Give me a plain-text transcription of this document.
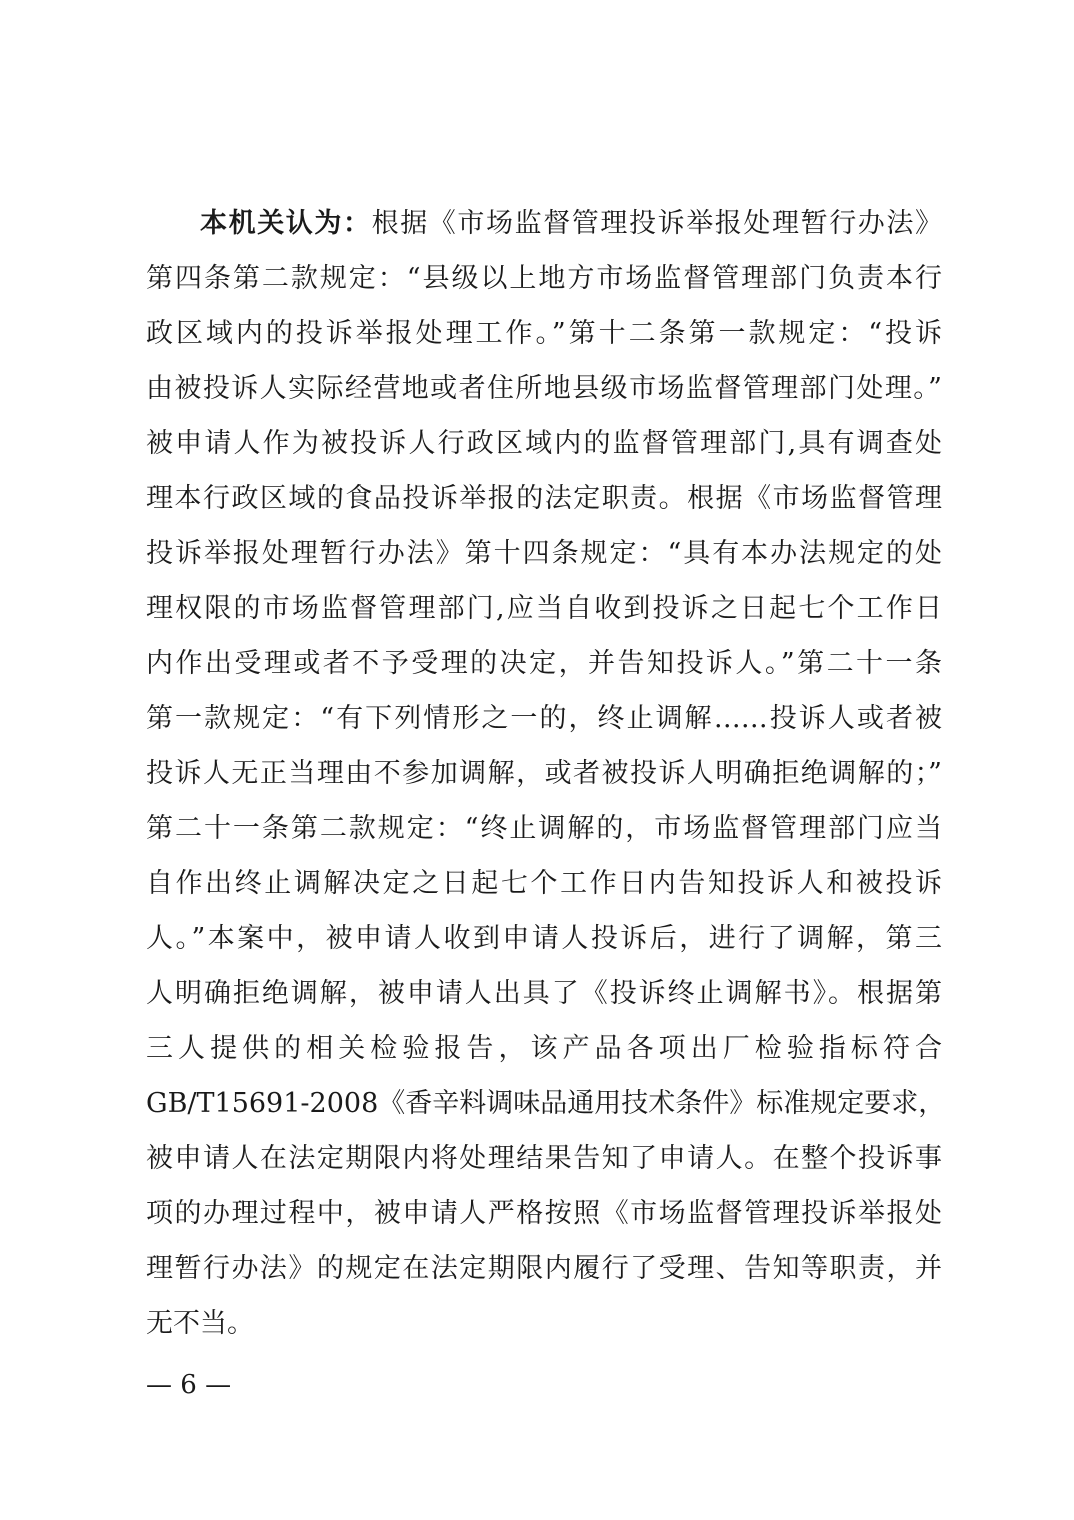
本机关认为：根据《市场监督管理投诉举报处理暂行办法》
第四条第二款规定：“县级以上地方市场监督管理部门负责本行
政区域内的投诉举报处理工作。”第十二条第一款规定：“投诉
由被投诉人实际经营地或者住所地县级市场监督管理部门处理。”
被申请人作为被投诉人行政区域内的监督管理部门,具有调查处
理本行政区域的食品投诉举报的法定职责。根据《市场监督管理
投诉举报处理暂行办法》第十四条规定：“具有本办法规定的处
理权限的市场监督管理部门,应当自收到投诉之日起七个工作日
内作出受理或者不予受理的决定，并告知投诉人。”第二十一条
第一款规定：“有下列情形之一的，终止调解……投诉人或者被
投诉人无正当理由不参加调解，或者被投诉人明确拒绝调解的；”
第二十一条第二款规定：“终止调解的，市场监督管理部门应当
自作出终止调解决定之日起七个工作日内告知投诉人和被投诉
人。”本案中，被申请人收到申请人投诉后，进行了调解，第三
人明确拒绝调解，被申请人出具了《投诉终止调解书》。根据第
三人提供的相关检验报告，该产品各项出厂检验指标符合
GB/T15691-2008《香辛料调味品通用技术条件》标准规定要求，
被申请人在法定期限内将处理结果告知了申请人。在整个投诉事
项的办理过程中，被申请人严格按照《市场监督管理投诉举报处
理暂行办法》的规定在法定期限内履行了受理、告知等职责，并
无不当。
— 6 —
